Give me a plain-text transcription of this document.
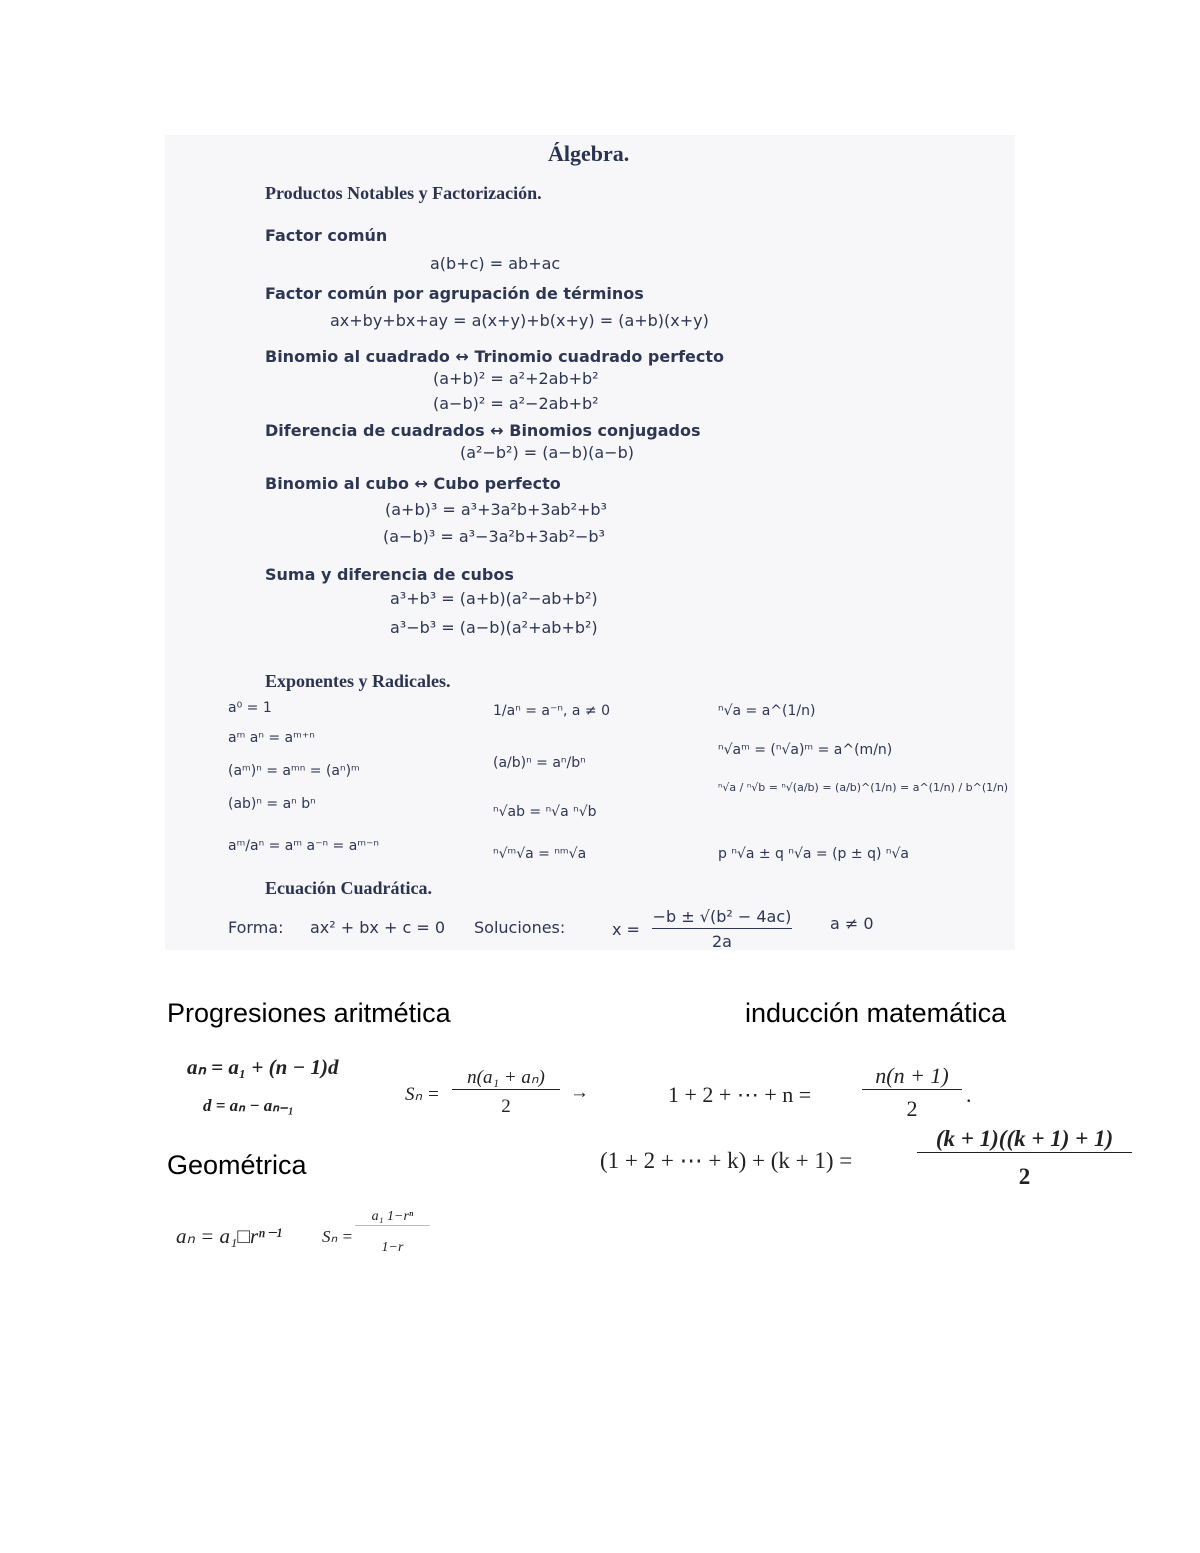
Álgebra.
Productos Notables y Factorización.
Factor común
a(b+c) = ab+ac
Factor común por agrupación de términos
ax+by+bx+ay = a(x+y)+b(x+y) = (a+b)(x+y)
Binomio al cuadrado ↔ Trinomio cuadrado perfecto
(a+b)² = a²+2ab+b²
(a−b)² = a²−2ab+b²
Diferencia de cuadrados ↔ Binomios conjugados
(a²−b²) = (a−b)(a−b)
Binomio al cubo ↔ Cubo perfecto
(a+b)³ = a³+3a²b+3ab²+b³
(a−b)³ = a³−3a²b+3ab²−b³
Suma y diferencia de cubos
a³+b³ = (a+b)(a²−ab+b²)
a³−b³ = (a−b)(a²+ab+b²)
Exponentes y Radicales.
a⁰ = 1
aᵐ aⁿ = aᵐ⁺ⁿ
(aᵐ)ⁿ = aᵐⁿ = (aⁿ)ᵐ
(ab)ⁿ = aⁿ bⁿ
aᵐ/aⁿ = aᵐ a⁻ⁿ = aᵐ⁻ⁿ
1/aⁿ = a⁻ⁿ, a ≠ 0
(a/b)ⁿ = aⁿ/bⁿ
ⁿ√ab = ⁿ√a ⁿ√b
ⁿ√ᵐ√a = ⁿᵐ√a
ⁿ√a = a^(1/n)
ⁿ√aᵐ = (ⁿ√a)ᵐ = a^(m/n)
ⁿ√a / ⁿ√b = ⁿ√(a/b) = (a/b)^(1/n) = a^(1/n) / b^(1/n)
p ⁿ√a ± q ⁿ√a = (p ± q) ⁿ√a
Ecuación Cuadrática.
Forma: ax² + bx + c = 0 Soluciones:	x =
−b ± √(b² − 4ac)
2a
a ≠ 0
Progresiones aritmética
aₙ = a₁ + (n − 1)d
d = aₙ − aₙ₋₁
Sₙ =
n(a₁ + aₙ)
2
→
Geométrica
aₙ = a₁□rⁿ⁻¹ Sₙ =
a₁ 1−rⁿ
1−r
inducción matemática
1 + 2 + ⋯ + n =
n(n + 1)
2
.
(1 + 2 + ⋯ + k) + (k + 1) =
(k + 1)((k + 1) + 1)
2
